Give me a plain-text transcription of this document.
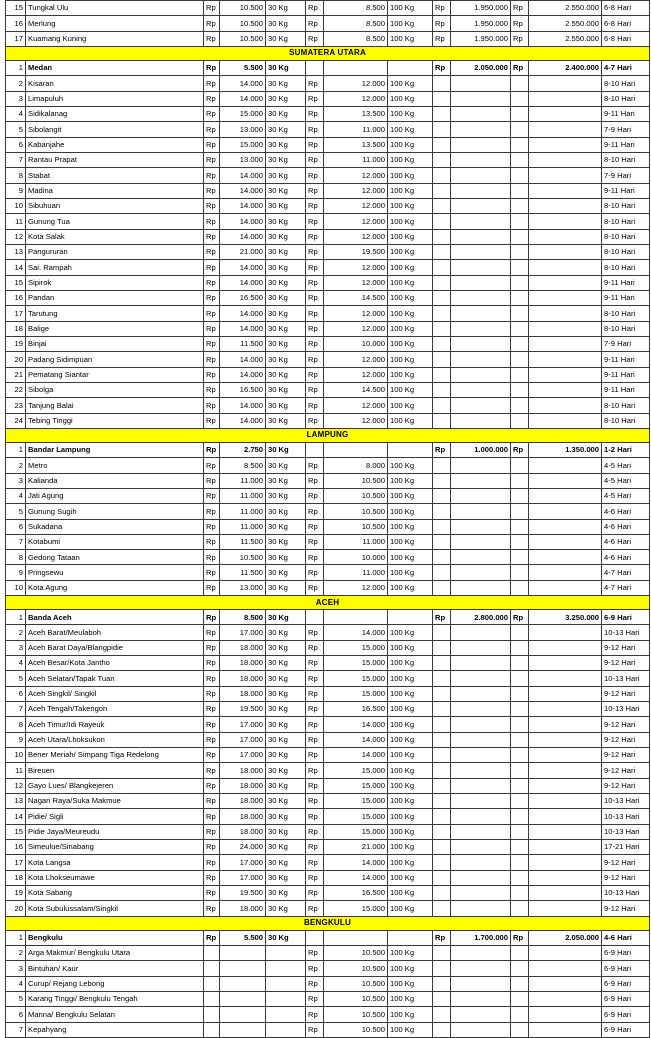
15	Tungkal Ulu	Rp	10.500	30 Kg	Rp	8.500	100 Kg	Rp	1.950.000	Rp	2.550.000	6-8 Hari
16	Merlung	Rp	10.500	30 Kg	Rp	8.500	100 Kg	Rp	1.950.000	Rp	2.550.000	6-8 Hari
17	Kuamang Kuning	Rp	10.500	30 Kg	Rp	8.500	100 Kg	Rp	1.950.000	Rp	2.550.000	6-8 Hari
SUMATERA UTARA												
1	Medan	Rp	5.500	30 Kg				Rp	2.050.000	Rp	2.400.000	4-7 Hari
2	Kisaran	Rp	14.000	30 Kg	Rp	12.000	100 Kg					8-10 Hari
3	Limapuluh	Rp	14.000	30 Kg	Rp	12.000	100 Kg					8-10 Hari
4	Sidikalanag	Rp	15.000	30 Kg	Rp	13.500	100 Kg					9-11 Hari
5	Sibolangit	Rp	13.000	30 Kg	Rp	11.000	100 Kg					7-9 Hari
6	Kabanjahe	Rp	15.000	30 Kg	Rp	13.500	100 Kg					9-11 Hari
7	Rantau Prapat	Rp	13.000	30 Kg	Rp	11.000	100 Kg					8-10 Hari
8	Stabat	Rp	14.000	30 Kg	Rp	12.000	100 Kg					7-9 Hari
9	Madina	Rp	14.000	30 Kg	Rp	12.000	100 Kg					9-11 Hari
10	Sibuhuan	Rp	14.000	30 Kg	Rp	12.000	100 Kg					8-10 Hari
11	Gunung Tua	Rp	14.000	30 Kg	Rp	12.000	100 Kg					8-10 Hari
12	Kota Salak	Rp	14.000	30 Kg	Rp	12.000	100 Kg					8-10 Hari
13	Pangururan	Rp	21.000	30 Kg	Rp	19.500	100 Kg					8-10 Hari
14	Sai. Rampah	Rp	14.000	30 Kg	Rp	12.000	100 Kg					8-10 Hari
15	Sipirok	Rp	14.000	30 Kg	Rp	12.000	100 Kg					9-11 Hari
16	Pandan	Rp	16.500	30 Kg	Rp	14.500	100 Kg					9-11 Hari
17	Tarutung	Rp	14.000	30 Kg	Rp	12.000	100 Kg					8-10 Hari
18	Balige	Rp	14.000	30 Kg	Rp	12.000	100 Kg					8-10 Hari
19	Binjai	Rp	11.500	30 Kg	Rp	10.000	100 Kg					7-9 Hari
20	Padang Sidimpuan	Rp	14.000	30 Kg	Rp	12.000	100 Kg					9-11 Hari
21	Pematang Siantar	Rp	14.000	30 Kg	Rp	12.000	100 Kg					9-11 Hari
22	Sibolga	Rp	16.500	30 Kg	Rp	14.500	100 Kg					9-11 Hari
23	Tanjung Balai	Rp	14.000	30 Kg	Rp	12.000	100 Kg					8-10 Hari
24	Tebing Tinggi	Rp	14.000	30 Kg	Rp	12.000	100 Kg					8-10 Hari
LAMPUNG												
1	Bandar Lampung	Rp	2.750	30 Kg				Rp	1.000.000	Rp	1.350.000	1-2 Hari
2	Metro	Rp	8.500	30 Kg	Rp	8.000	100 Kg					4-5 Hari
3	Kalianda	Rp	11.000	30 Kg	Rp	10.500	100 Kg					4-5 Hari
4	Jati Agung	Rp	11.000	30 Kg	Rp	10.500	100 Kg					4-5 Hari
5	Gunung Sugih	Rp	11.000	30 Kg	Rp	10.500	100 Kg					4-6 Hari
6	Sukadana	Rp	11.000	30 Kg	Rp	10.500	100 Kg					4-6 Hari
7	Kotabumi	Rp	11.500	30 Kg	Rp	11.000	100 Kg					4-6 Hari
8	Gedong Tataan	Rp	10.500	30 Kg	Rp	10.000	100 Kg					4-6 Hari
9	Pringsewu	Rp	11.500	30 Kg	Rp	11.000	100 Kg					4-7 Hari
10	Kota Agung	Rp	13.000	30 Kg	Rp	12.000	100 Kg					4-7 Hari
ACEH												
1	Banda Aceh	Rp	8.500	30 Kg				Rp	2.800.000	Rp	3.250.000	6-9 Hari
2	Aceh Barat/Meulaboh	Rp	17.000	30 Kg	Rp	14.000	100 Kg					10-13 Hari
3	Aceh Barat Daya/Blangpidie	Rp	18.000	30 Kg	Rp	15.000	100 Kg					9-12 Hari
4	Aceh Besar/Kota Jantho	Rp	18.000	30 Kg	Rp	15.000	100 Kg					9-12 Hari
5	Aceh Selatan/Tapak Tuan	Rp	18.000	30 Kg	Rp	15.000	100 Kg					10-13 Hari
6	Aceh Singkil/ Singkil	Rp	18.000	30 Kg	Rp	15.000	100 Kg					9-12 Hari
7	Aceh Tengah/Takengon	Rp	19.500	30 Kg	Rp	16.500	100 Kg					10-13 Hari
8	Aceh Timur/Idi Rayeuk	Rp	17.000	30 Kg	Rp	14.000	100 Kg					9-12 Hari
9	Aceh Utara/Lhoksukon	Rp	17.000	30 Kg	Rp	14.000	100 Kg					9-12 Hari
10	Bener Meriah/ Simpang Tiga Redelong	Rp	17.000	30 Kg	Rp	14.000	100 Kg					9-12 Hari
11	Bireuen	Rp	18.000	30 Kg	Rp	15.000	100 Kg					9-12 Hari
12	Gayo Lues/ Blangkejeren	Rp	18.000	30 Kg	Rp	15.000	100 Kg					9-12 Hari
13	Nagan Raya/Suka Makmue	Rp	18.000	30 Kg	Rp	15.000	100 Kg					10-13 Hari
14	Pidie/ Sigli	Rp	18.000	30 Kg	Rp	15.000	100 Kg					10-13 Hari
15	Pidie Jaya/Meureudu	Rp	18.000	30 Kg	Rp	15.000	100 Kg					10-13 Hari
16	Simeulue/Sinabang	Rp	24.000	30 Kg	Rp	21.000	100 Kg					17-21 Hari
17	Kota Langsa	Rp	17.000	30 Kg	Rp	14.000	100 Kg					9-12 Hari
18	Kota Lhokseumawe	Rp	17.000	30 Kg	Rp	14.000	100 Kg					9-12 Hari
19	Kota Sabang	Rp	19.500	30 Kg	Rp	16.500	100 Kg					10-13 Hari
20	Kota Subulussalam/Singkil	Rp	18.000	30 Kg	Rp	15.000	100 Kg					9-12 Hari
BENGKULU												
1	Bengkulu	Rp	5.500	30 Kg				Rp	1.700.000	Rp	2.050.000	4-6 Hari
2	Arga Makmur/ Bengkulu Utara				Rp	10.500	100 Kg					6-9 Hari
3	Bintuhan/ Kaur				Rp	10.500	100 Kg					6-9 Hari
4	Curup/ Rejang Lebong				Rp	10.500	100 Kg					6-9 Hari
5	Karang Tinggi/ Bengkulu Tengah				Rp	10.500	100 Kg					6-9 Hari
6	Manna/ Bengkulu Selatan				Rp	10.500	100 Kg					6-9 Hari
7	Kepahyang				Rp	10.500	100 Kg					6-9 Hari
